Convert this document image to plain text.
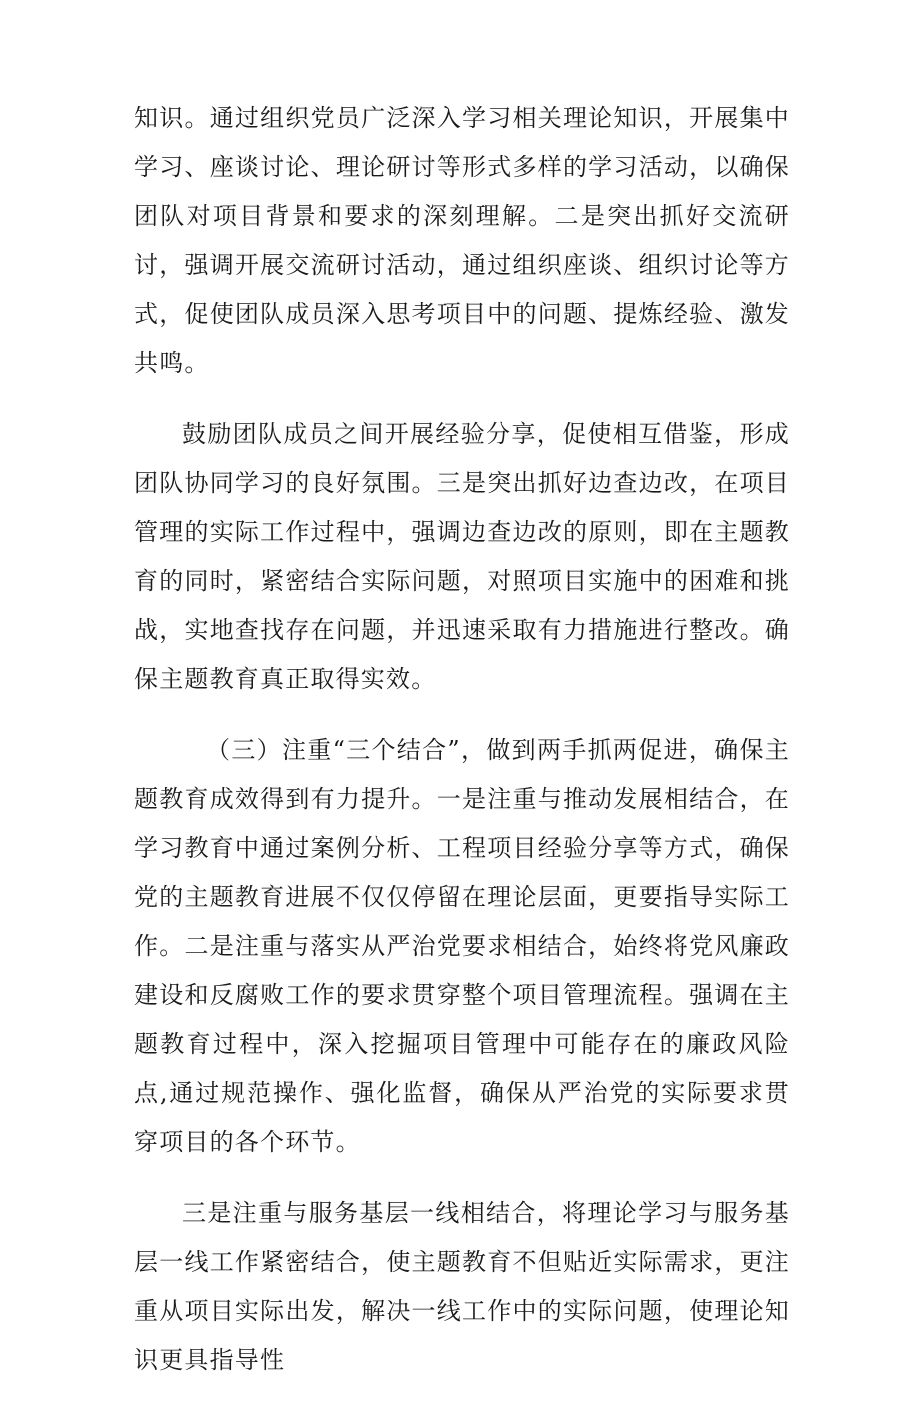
知识。通过组织党员广泛深入学习相关理论知识，开展集中学习、座谈讨论、理论研讨等形式多样的学习活动，以确保团队对项目背景和要求的深刻理解。二是突出抓好交流研讨，强调开展交流研讨活动，通过组织座谈、组织讨论等方式，促使团队成员深入思考项目中的问题、提炼经验、激发共鸣。

鼓励团队成员之间开展经验分享，促使相互借鉴，形成团队协同学习的良好氛围。三是突出抓好边查边改，在项目管理的实际工作过程中，强调边查边改的原则，即在主题教育的同时，紧密结合实际问题，对照项目实施中的困难和挑战，实地查找存在问题，并迅速采取有力措施进行整改。确保主题教育真正取得实效。

（三）注重“三个结合”，做到两手抓两促进，确保主题教育成效得到有力提升。一是注重与推动发展相结合，在学习教育中通过案例分析、工程项目经验分享等方式，确保党的主题教育进展不仅仅停留在理论层面，更要指导实际工作。二是注重与落实从严治党要求相结合，始终将党风廉政建设和反腐败工作的要求贯穿整个项目管理流程。强调在主题教育过程中，深入挖掘项目管理中可能存在的廉政风险点,通过规范操作、强化监督，确保从严治党的实际要求贯穿项目的各个环节。

三是注重与服务基层一线相结合，将理论学习与服务基层一线工作紧密结合，使主题教育不但贴近实际需求，更注重从项目实际出发，解决一线工作中的实际问题，使理论知识更具指导性
